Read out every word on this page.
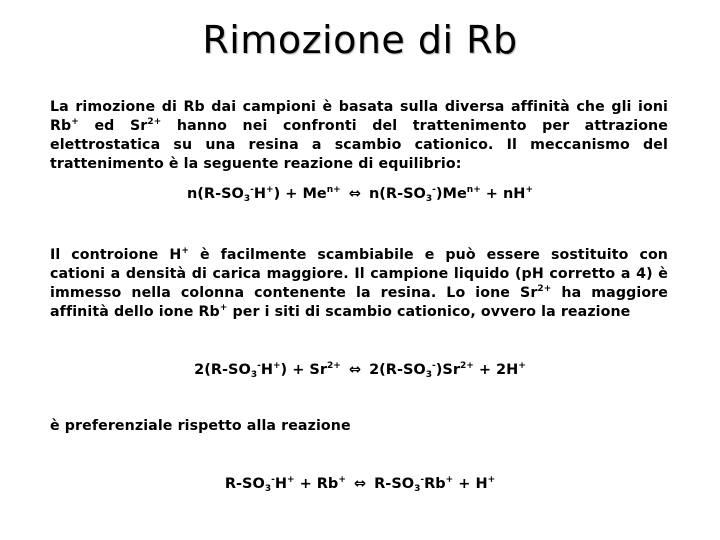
Rimozione di Rb
La rimozione di Rb dai campioni è basata sulla diversa affinità che gli ioni Rb+ ed $Sr^{2+}$ hanno nei confronti del trattenimento per attrazione elettrostatica su una resina a scambio cationico. Il meccanismo del trattenimento è la seguente reazione di equilibrio:
$n(R-SO_3^-H^+) + Me^{n+}$ ⇔ $n(R-SO_3^-)Me^{n+} + nH^+$
Il controione H+ è facilmente scambiabile e può essere sostituito con cationi a densità di carica maggiore. Il campione liquido (pH corretto a 4) è immesso nella colonna contenente la resina. Lo ione $Sr^{2+}$ ha maggiore affinità dello ione Rb+ per i siti di scambio cationico, ovvero la reazione
$2(R-SO_3^-H^+) + Sr^{2+}$ ⇔ $2(R-SO_3^-)Sr^{2+} + 2H^+$
è preferenziale rispetto alla reazione
$R-SO_3^-H^+ + Rb^+$ ⇔ $R-SO_3^-Rb^+ + H^+$
